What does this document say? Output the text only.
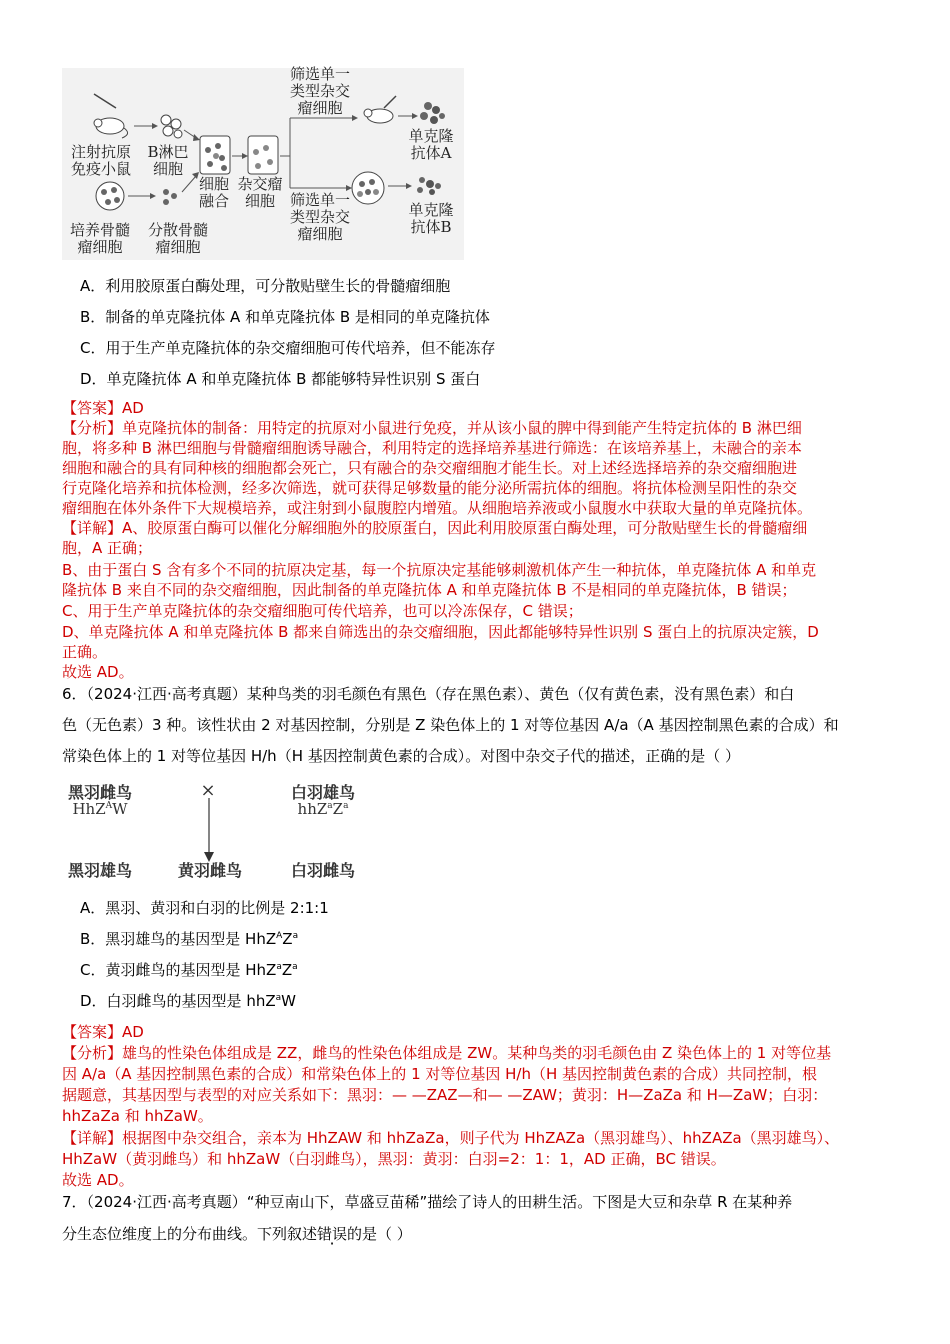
注射抗原
免疫小鼠
B淋巴
细胞
细胞
融合
杂交瘤
细胞
筛选单一
类型杂交
瘤细胞
筛选单一
类型杂交
瘤细胞
单克隆
抗体A
单克隆
抗体B
培养骨髓
瘤细胞
分散骨髓
瘤细胞
A．利用胶原蛋白酶处理，可分散贴壁生长的骨髓瘤细胞
B．制备的单克隆抗体 A 和单克隆抗体 B 是相同的单克隆抗体
C．用于生产单克隆抗体的杂交瘤细胞可传代培养，但不能冻存
D．单克隆抗体 A 和单克隆抗体 B 都能够特异性识别 S 蛋白
【答案】AD
【分析】单克隆抗体的制备：用特定的抗原对小鼠进行免疫，并从该小鼠的脾中得到能产生特定抗体的 B 淋巴细
胞，将多种 B 淋巴细胞与骨髓瘤细胞诱导融合，利用特定的选择培养基进行筛选：在该培养基上，未融合的亲本
细胞和融合的具有同种核的细胞都会死亡，只有融合的杂交瘤细胞才能生长。对上述经选择培养的杂交瘤细胞进
行克隆化培养和抗体检测，经多次筛选，就可获得足够数量的能分泌所需抗体的细胞。将抗体检测呈阳性的杂交
瘤细胞在体外条件下大规模培养，或注射到小鼠腹腔内增殖。从细胞培养液或小鼠腹水中获取大量的单克隆抗体。
【详解】A、胶原蛋白酶可以催化分解细胞外的胶原蛋白，因此利用胶原蛋白酶处理，可分散贴壁生长的骨髓瘤细
胞，A 正确；
B、由于蛋白 S 含有多个不同的抗原决定基，每一个抗原决定基能够刺激机体产生一种抗体，单克隆抗体 A 和单克
隆抗体 B 来自不同的杂交瘤细胞，因此制备的单克隆抗体 A 和单克隆抗体 B 不是相同的单克隆抗体，B 错误；
C、用于生产单克隆抗体的杂交瘤细胞可传代培养，也可以冷冻保存，C 错误；
D、单克隆抗体 A 和单克隆抗体 B 都来自筛选出的杂交瘤细胞，因此都能够特异性识别 S 蛋白上的抗原决定簇，D
正确。
故选 AD。
6．（2024·江西·高考真题）某种鸟类的羽毛颜色有黑色（存在黑色素）、黄色（仅有黄色素，没有黑色素）和白
色（无色素）3 种。该性状由 2 对基因控制，分别是 Z 染色体上的 1 对等位基因 A/a（A 基因控制黑色素的合成）和
常染色体上的 1 对等位基因 H/h（H 基因控制黄色素的合成）。对图中杂交子代的描述，正确的是（ ）
黑羽雌鸟
HhZ$^A$W
×	白羽雄鸟
$hhZ^aZ^a$
黑羽雄鸟	黄羽雌鸟	白羽雌鸟
A．黑羽、黄羽和白羽的比例是 2:1:1
B．黑羽雄鸟的基因型是 $HhZ^AZ^a$
C．黄羽雌鸟的基因型是 $HhZ^aZ^a$
D．白羽雌鸟的基因型是 hhZ$^a$W
【答案】AD
【分析】雄鸟的性染色体组成是 ZZ，雌鸟的性染色体组成是 ZW。某种鸟类的羽毛颜色由 Z 染色体上的 1 对等位基
因 A/a（A 基因控制黑色素的合成）和常染色体上的 1 对等位基因 H/h（H 基因控制黄色素的合成）共同控制，根
据题意，其基因型与表型的对应关系如下：黑羽：— —ZAZ—和— —ZAW；黄羽：H—ZaZa 和 H—ZaW；白羽：
hhZaZa 和 hhZaW。
【详解】根据图中杂交组合，亲本为 HhZAW 和 hhZaZa，则子代为 HhZAZa（黑羽雄鸟）、hhZAZa（黑羽雄鸟）、
HhZaW（黄羽雌鸟）和 hhZaW（白羽雌鸟），黑羽：黄羽：白羽=2：1：1，AD 正确，BC 错误。
故选 AD。
7．（2024·江西·高考真题）“种豆南山下，草盛豆苗稀”描绘了诗人的田耕生活。下图是大豆和杂草 R 在某种养
分生态位维度上的分布曲线。下列叙述错误的是（ ）
